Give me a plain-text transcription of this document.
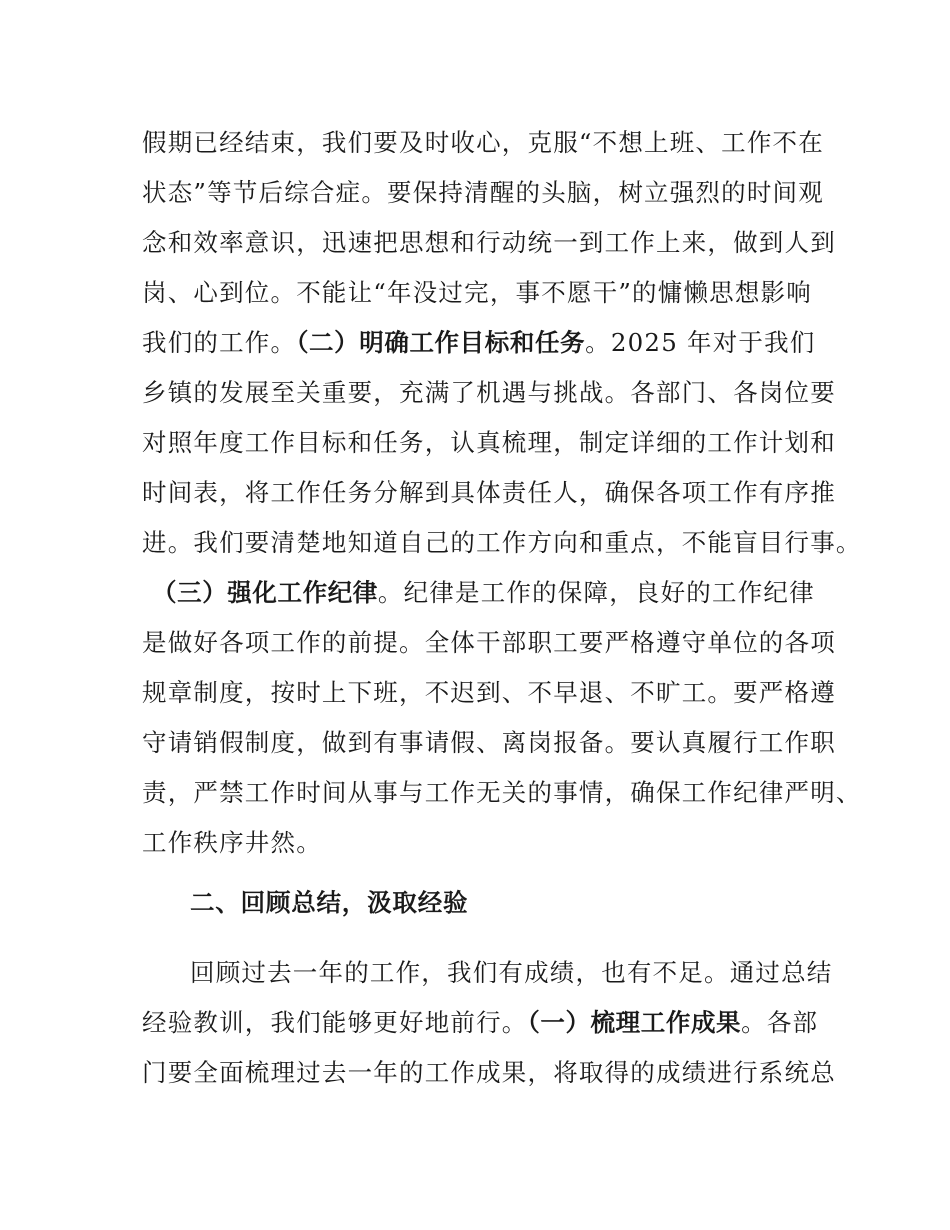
假期已经结束，我们要及时收心，克服“不想上班、工作不在
状态”等节后综合症。要保持清醒的头脑，树立强烈的时间观
念和效率意识，迅速把思想和行动统一到工作上来，做到人到
岗、心到位。不能让“年没过完，事不愿干”的慵懒思想影响
我们的工作。（二）明确工作目标和任务。2025 年对于我们
乡镇的发展至关重要，充满了机遇与挑战。各部门、各岗位要
对照年度工作目标和任务，认真梳理，制定详细的工作计划和
时间表，将工作任务分解到具体责任人，确保各项工作有序推
进。我们要清楚地知道自己的工作方向和重点，不能盲目行事。
（三）强化工作纪律。纪律是工作的保障，良好的工作纪律
是做好各项工作的前提。全体干部职工要严格遵守单位的各项
规章制度，按时上下班，不迟到、不早退、不旷工。要严格遵
守请销假制度，做到有事请假、离岗报备。要认真履行工作职
责，严禁工作时间从事与工作无关的事情，确保工作纪律严明、
工作秩序井然。
二、回顾总结，汲取经验
回顾过去一年的工作，我们有成绩，也有不足。通过总结
经验教训，我们能够更好地前行。（一）梳理工作成果。各部
门要全面梳理过去一年的工作成果，将取得的成绩进行系统总
